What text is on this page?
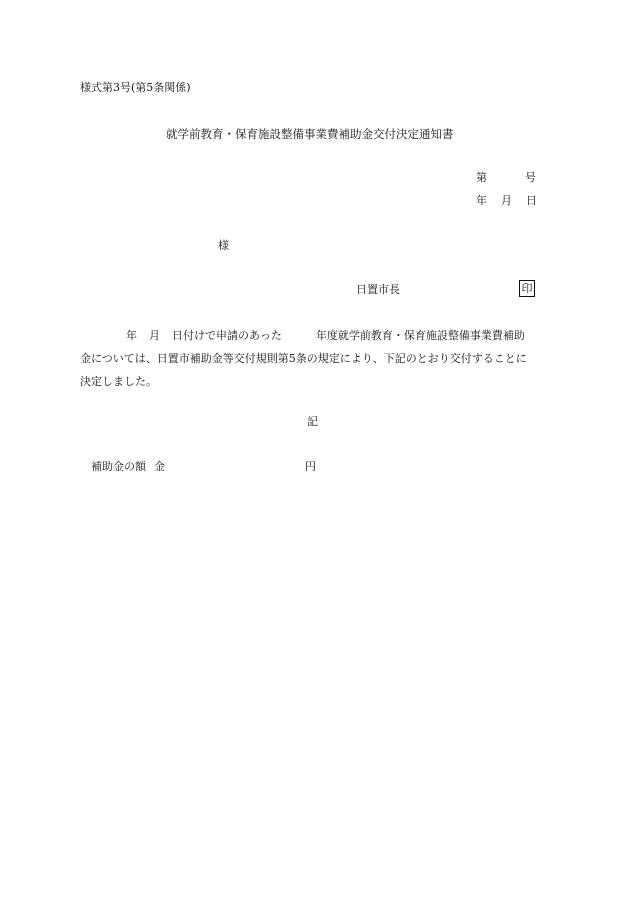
様式第3号(第5条関係)
就学前教育・保育施設整備事業費補助金交付決定通知書
第	号
年 月 日
様
日置市長	印
年 月 日付けで申請のあった	年度就学前教育・保育施設整備事業費補助
金については、日置市補助金等交付規則第5条の規定により、下記のとおり交付することに
決定しました。
記
補助金の額 金	円
